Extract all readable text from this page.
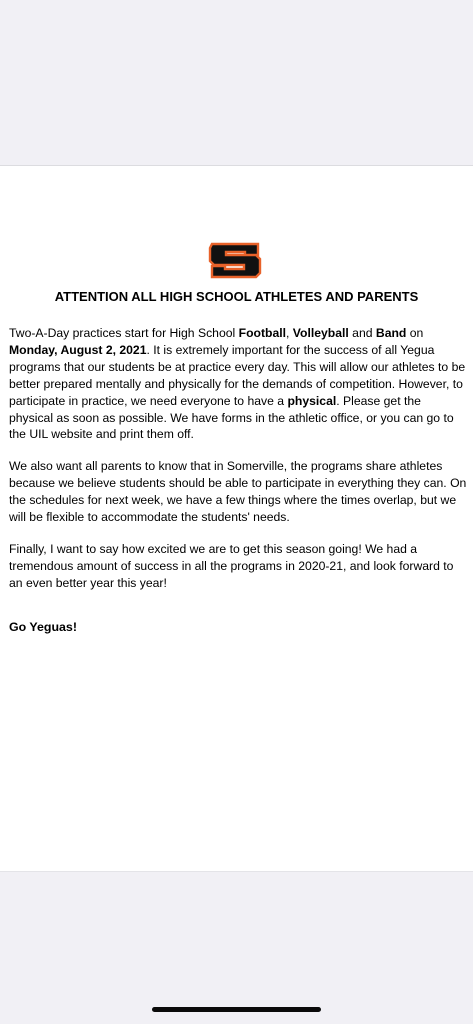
ATTENTION ALL HIGH SCHOOL ATHLETES AND PARENTS

Two-A-Day practices start for High School Football, Volleyball and Band on Monday, August 2, 2021. It is extremely important for the success of all Yegua programs that our students be at practice every day. This will allow our athletes to be better prepared mentally and physically for the demands of competition. However, to participate in practice, we need everyone to have a physical. Please get the physical as soon as possible. We have forms in the athletic office, or you can go to the UIL website and print them off.

We also want all parents to know that in Somerville, the programs share athletes because we believe students should be able to participate in everything they can. On the schedules for next week, we have a few things where the times overlap, but we will be flexible to accommodate the students' needs.

Finally, I want to say how excited we are to get this season going! We had a tremendous amount of success in all the programs in 2020-21, and look forward to an even better year this year!

Go Yeguas!
